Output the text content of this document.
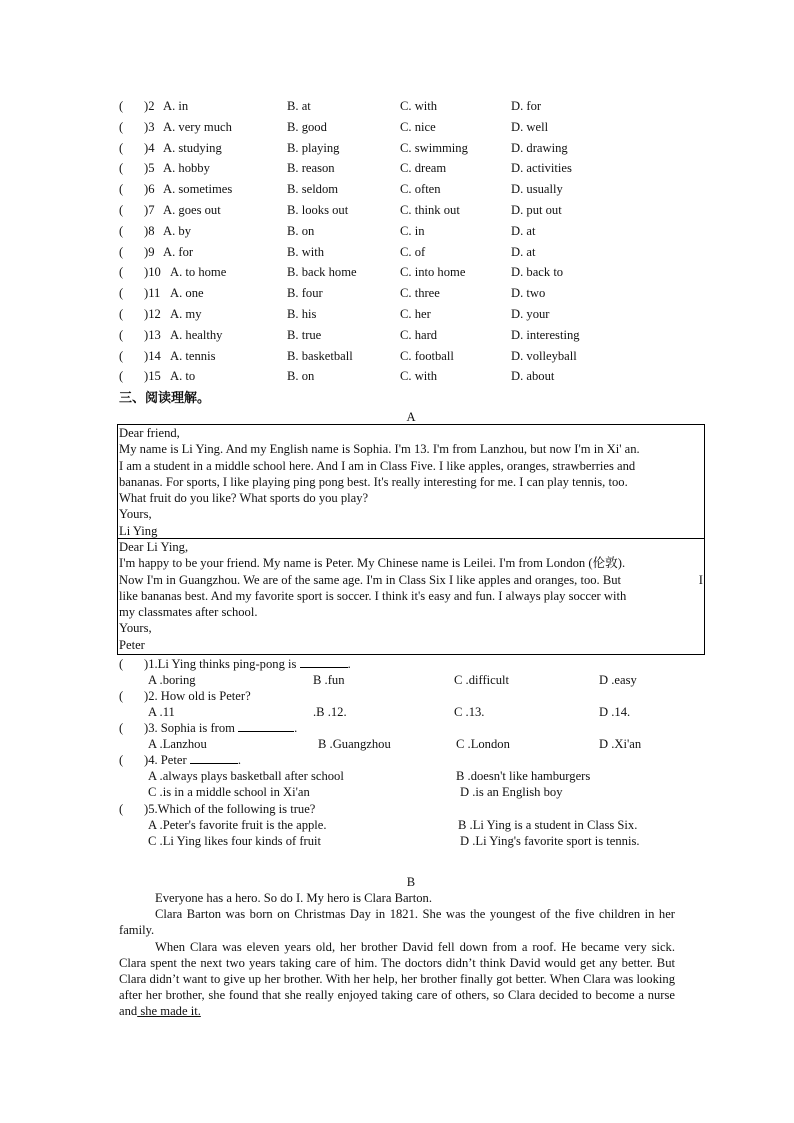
( )2 A. in	B. at	C. with	D. for
( )3 A. very much	B. good	C. nice	D. well
( )4 A. studying	B. playing	C. swimming	D. drawing
( )5 A. hobby	B. reason	C. dream	D. activities
( )6 A. sometimes	B. seldom	C. often	D. usually
( )7 A. goes out	B. looks out	C. think out	D. put out
( )8 A. by	B. on	C. in	D. at
( )9 A. for	B. with	C. of	D. at
( )10 A. to home	B. back home	C. into home	D. back to
( )11 A. one	B. four	C. three	D. two
( )12 A. my	B. his	C. her	D. your
( )13 A. healthy	B. true	C. hard	D. interesting
( )14 A. tennis	B. basketball	C. football	D. volleyball
( )15 A. to	B. on	C. with	D. about
三、阅读理解。
A
Dear friend,
My name is Li Ying. And my English name is Sophia. I'm 13. I'm from Lanzhou, but now I'm in Xi' an.
I am a student in a middle school here. And I am in Class Five. I like apples, oranges, strawberries and
bananas. For sports, I like playing ping pong best. It's really interesting for me. I can play tennis, too.
What fruit do you like? What sports do you play?
Yours,
Li Ying
Dear Li Ying,
I'm happy to be your friend. My name is Peter. My Chinese name is Leilei. I'm from London (伦敦).
Now I'm in Guangzhou. We are of the same age. I'm in Class Six I like apples and oranges, too. But	I
like bananas best. And my favorite sport is soccer. I think it's easy and fun. I always play soccer with
my classmates after school.
Yours,
Peter
( )1.Li Ying thinks ping-pong is	.
A .boring	B .fun	C .difficult	D .easy
( )2. How old is Peter?
A .11	.B .12.	C .13.	D .14.
( )3. Sophia is from	.
A .Lanzhou	B .Guangzhou	C .London	D .Xi'an
( )4. Peter	.
A .always plays basketball after school	B .doesn't like hamburgers
C .is in a middle school in Xi'an	D .is an English boy
( )5.Which of the following is true?
A .Peter's favorite fruit is the apple.	B .Li Ying is a student in Class Six.
C .Li Ying likes four kinds of fruit	D .Li Ying's favorite sport is tennis.
B

Everyone has a hero. So do I. My hero is Clara Barton.

Clara Barton was born on Christmas Day in 1821. She was the youngest of the five children in her family.

When Clara was eleven years old, her brother David fell down from a roof. He became very sick. Clara spent the next two years taking care of him. The doctors didn’t think David would get any better. But Clara didn’t want to give up her brother. With her help, her brother finally got better. When Clara was looking after her brother, she found that she really enjoyed taking care of others, so Clara decided to become a nurse and she made it.
